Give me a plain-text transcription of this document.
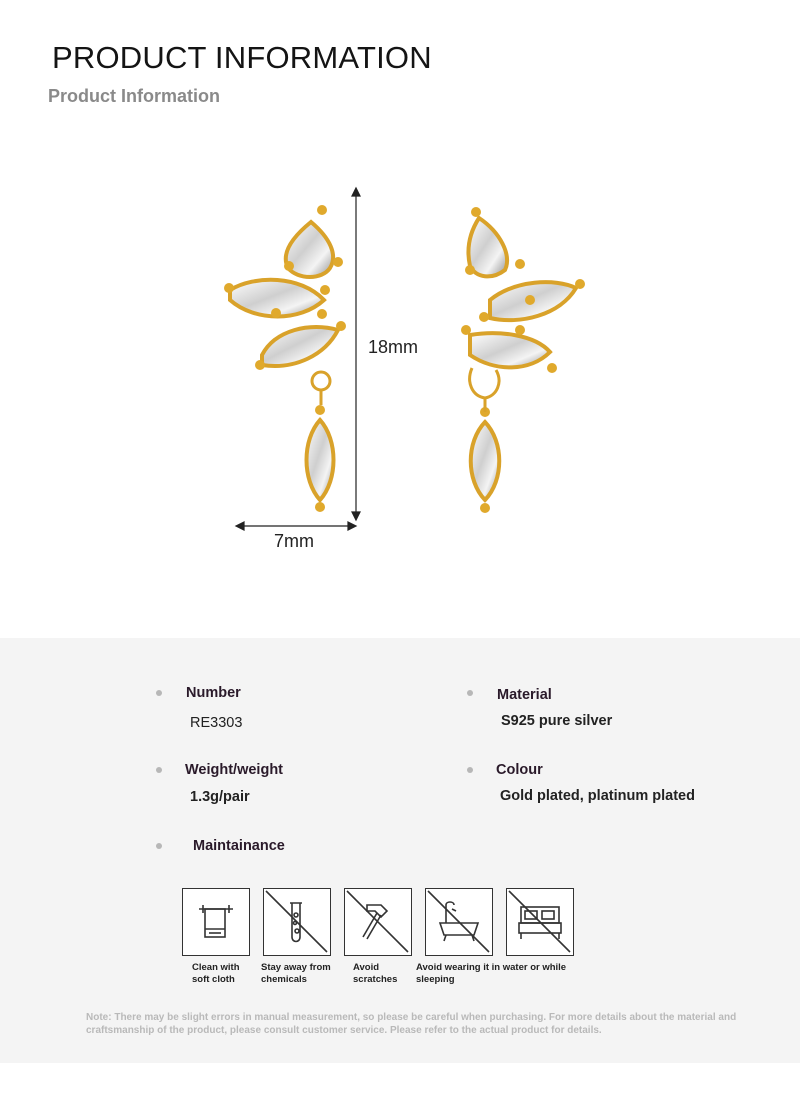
PRODUCT INFORMATION
Product Information
18mm
7mm
Number
RE3303
Material
S925 pure silver
Weight/weight
1.3g/pair
Colour
Gold plated, platinum plated
Maintainance
Clean with
soft cloth
Stay away from
chemicals
Avoid
scratches
Avoid wearing it in water or while
sleeping
Note: There may be slight errors in manual measurement, so please be careful when purchasing. For more details about the material and craftsmanship of the product, please consult customer service. Please refer to the actual product for details.
